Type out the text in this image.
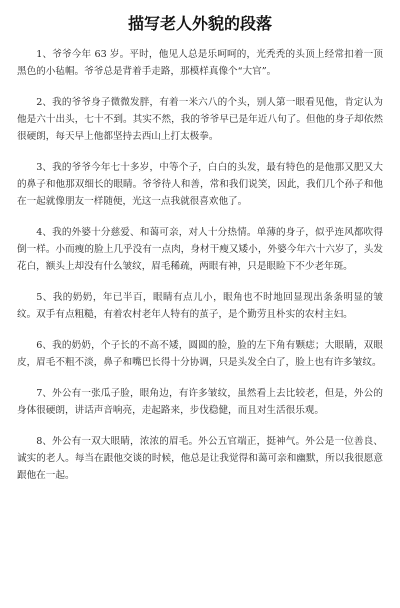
描写老人外貌的段落

1、爷爷今年 63 岁。平时，他见人总是乐呵呵的，光秃秃的头顶上经常扣着一顶黑色的小毡帽。爷爷总是背着手走路，那模样真像个“大官”。

2、我的爷爷身子微微发胖，有着一米六八的个头，别人第一眼看见他，肯定认为他是六十出头，七十不到。其实不然，我的爷爷早已是年近八旬了。但他的身子却依然很硬朗，每天早上他都坚持去西山上打太极拳。

3、我的爷爷今年七十多岁，中等个子，白白的头发，最有特色的是他那又肥又大的鼻子和他那双细长的眼睛。爷爷待人和善，常和我们说笑，因此，我们几个孙子和他在一起就像朋友一样随便，光这一点我就很喜欢他了。

4、我的外婆十分慈爱、和蔼可亲，对人十分热情。单薄的身子，似乎连风都吹得倒一样。小而瘦的脸上几乎没有一点肉，身材干瘦又矮小，外婆今年六十六岁了，头发花白，额头上却没有什么皱纹，眉毛稀疏，两眼有神，只是眼睑下不少老年斑。

5、我的奶奶，年已半百，眼睛有点儿小，眼角也不时地回显现出条条明显的皱纹。双手有点粗糙，有着农村老年人特有的茧子，是个勤劳且朴实的农村主妇。

6、我的奶奶，个子长的不高不矮，圆圆的脸，脸的左下角有颗痣；大眼睛，双眼皮，眉毛不粗不淡，鼻子和嘴巴长得十分协调，只是头发全白了，脸上也有许多皱纹。

7、外公有一张瓜子脸，眼角边，有许多皱纹，虽然看上去比较老，但是，外公的身体很硬朗，讲话声音响亮，走起路来，步伐稳健，而且对生活很乐观。

8、外公有一双大眼睛，浓浓的眉毛。外公五官端正，挺神气。外公是一位善良、诚实的老人。每当在跟他交谈的时候，他总是让我觉得和蔼可亲和幽默，所以我很愿意跟他在一起。
